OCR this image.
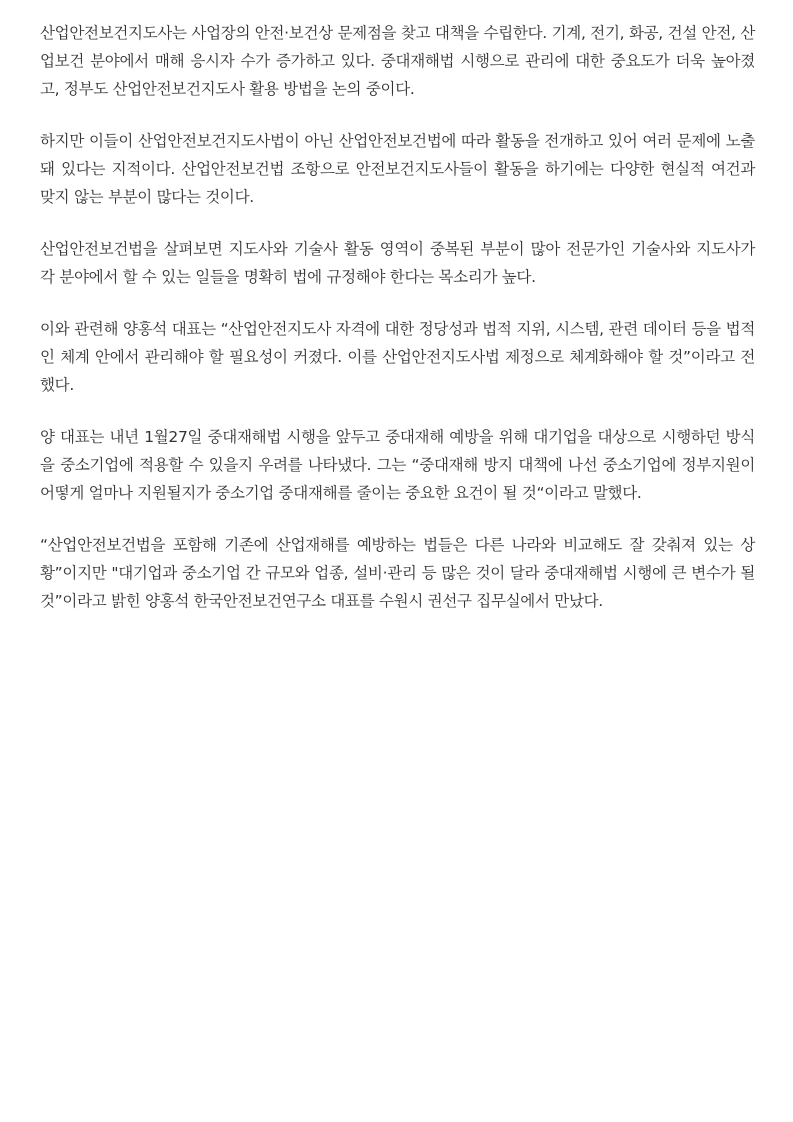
산업안전보건지도사는 사업장의 안전·보건상 문제점을 찾고 대책을 수립한다. 기계, 전기, 화공, 건설 안전, 산업보건 분야에서 매해 응시자 수가 증가하고 있다. 중대재해법 시행으로 관리에 대한 중요도가 더욱 높아졌고, 정부도 산업안전보건지도사 활용 방법을 논의 중이다.

하지만 이들이 산업안전보건지도사법이 아닌 산업안전보건법에 따라 활동을 전개하고 있어 여러 문제에 노출돼 있다는 지적이다. 산업안전보건법 조항으로 안전보건지도사들이 활동을 하기에는 다양한 현실적 여건과 맞지 않는 부분이 많다는 것이다.

산업안전보건법을 살펴보면 지도사와 기술사 활동 영역이 중복된 부분이 많아 전문가인 기술사와 지도사가 각 분야에서 할 수 있는 일들을 명확히 법에 규정해야 한다는 목소리가 높다.

이와 관련해 양홍석 대표는 “산업안전지도사 자격에 대한 정당성과 법적 지위, 시스템, 관련 데이터 등을 법적인 체계 안에서 관리해야 할 필요성이 커졌다. 이를 산업안전지도사법 제정으로 체계화해야 할 것”이라고 전했다.

양 대표는 내년 1월27일 중대재해법 시행을 앞두고 중대재해 예방을 위해 대기업을 대상으로 시행하던 방식을 중소기업에 적용할 수 있을지 우려를 나타냈다. 그는 “중대재해 방지 대책에 나선 중소기업에 정부지원이 어떻게 얼마나 지원될지가 중소기업 중대재해를 줄이는 중요한 요건이 될 것“이라고 말했다.

“산업안전보건법을 포함해 기존에 산업재해를 예방하는 법들은 다른 나라와 비교해도 잘 갖춰져 있는 상황”이지만 "대기업과 중소기업 간 규모와 업종, 설비·관리 등 많은 것이 달라 중대재해법 시행에 큰 변수가 될 것”이라고 밝힌 양홍석 한국안전보건연구소 대표를 수원시 권선구 집무실에서 만났다.
